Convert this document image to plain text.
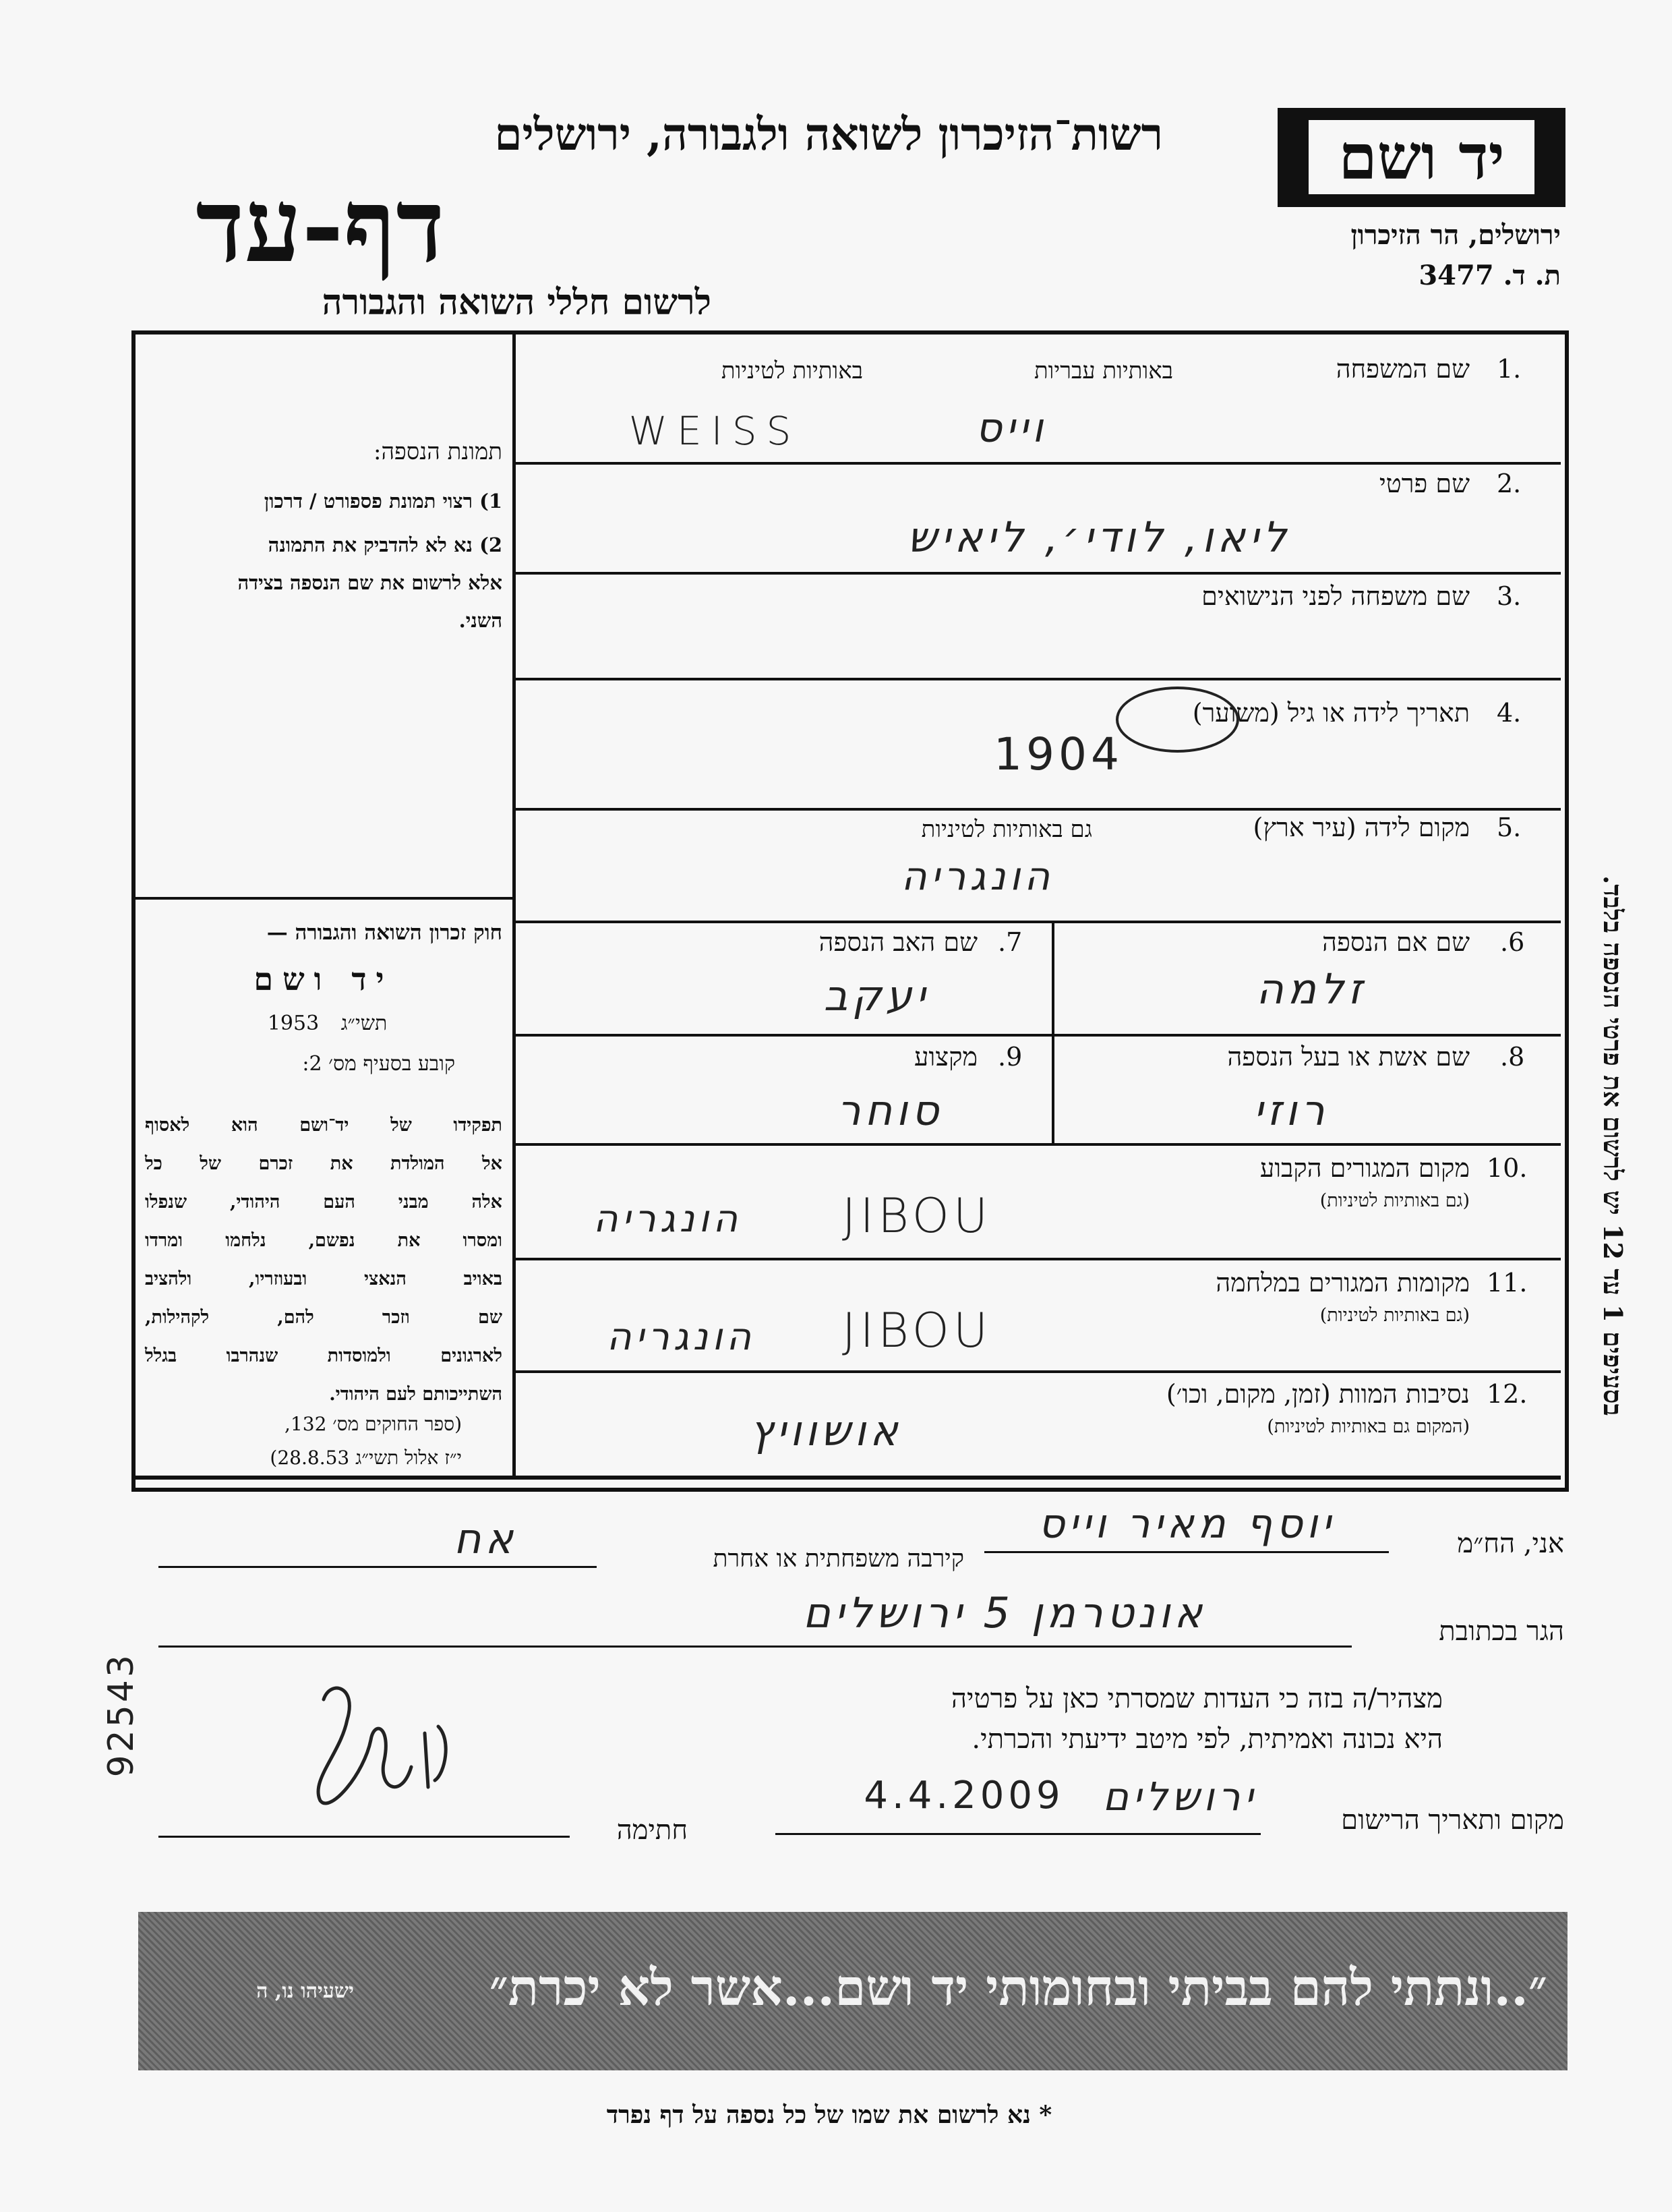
רשות־הזיכרון לשואה ולגבורה, ירושלים
דף-עד
לרשום חללי השואה והגבורה
יד ושם
ירושלים, הר הזיכרון
ת. ד. 3477
תמונת הנספה:
1) רצוי תמונת פספורט / דרכון
2) נא לא להדביק את התמונה
אלא לרשום את שם הנספה בצידה
השני.
חוק זכרון השואה והגבורה —
יד ושם
תשי״ג
1953
קובע בסעיף מס׳ 2:
תפקידו של יד־ושם הוא לאסוף
אל המולדת את זכרם של כל
אלה מבני העם היהודי, שנפלו
ומסרו את נפשם, נלחמו ומרדו
באויב הנאצי ובעוזריו, ולהציב
שם וזכר להם, לקהילות,
לארגונים ולמוסדות שנהרבו בגלל
השתייכותם לעם היהודי.
(ספר החוקים מס׳ 132,
י״ז אלול תשי״ג 28.8.53)
1.
שם המשפחה
באותיות עבריות
באותיות לטיניות
וייס
WEISS
2.
שם פרטי
ליאו, לודי׳, ליאיש
3.
שם משפחה לפני הנישואים
4.
תאריך לידה או גיל (משוער)
1904
5.
מקום לידה (עיר ארץ)
גם באותיות לטיניות
הונגריה
.6
שם אם הנספה
זלמה
.7
שם האב הנספה
יעקב
.8
שם אשת או בעל הנספה
רוזי
.9
מקצוע
סוחר
10.
מקום המגורים הקבוע
(גם באותיות לטיניות)
הונגריה	JIBOU
11.
מקומות המגורים במלחמה
(גם באותיות לטיניות)
הונגריה	JIBOU
12.
נסיבות המוות (זמן, מקום, וכו׳)
(המקום גם באותיות לטיניות)
אושוויץ
בסעיפים 1 עד 12 יש לרשום את פרטי הנספה בלבד.
92543
אני, הח״מ
יוסף מאיר וייס
קירבה משפחתית או אחרת
אח
הגר בכתובת
אונטרמן 5 ירושלים
מצהיר/ה בזה כי העדות שמסרתי כאן על פרטיה
היא נכונה ואמיתית, לפי מיטב ידיעתי והכרתי.
מקום ותאריך הרישום
ירושלים
4.4.2009
חתימה
״..ונתתי להם בביתי ובחומותי יד ושם...אשר לא יכרת״
ישעיהו נו, ה
* נא לרשום את שמו של כל נספה על דף נפרד
